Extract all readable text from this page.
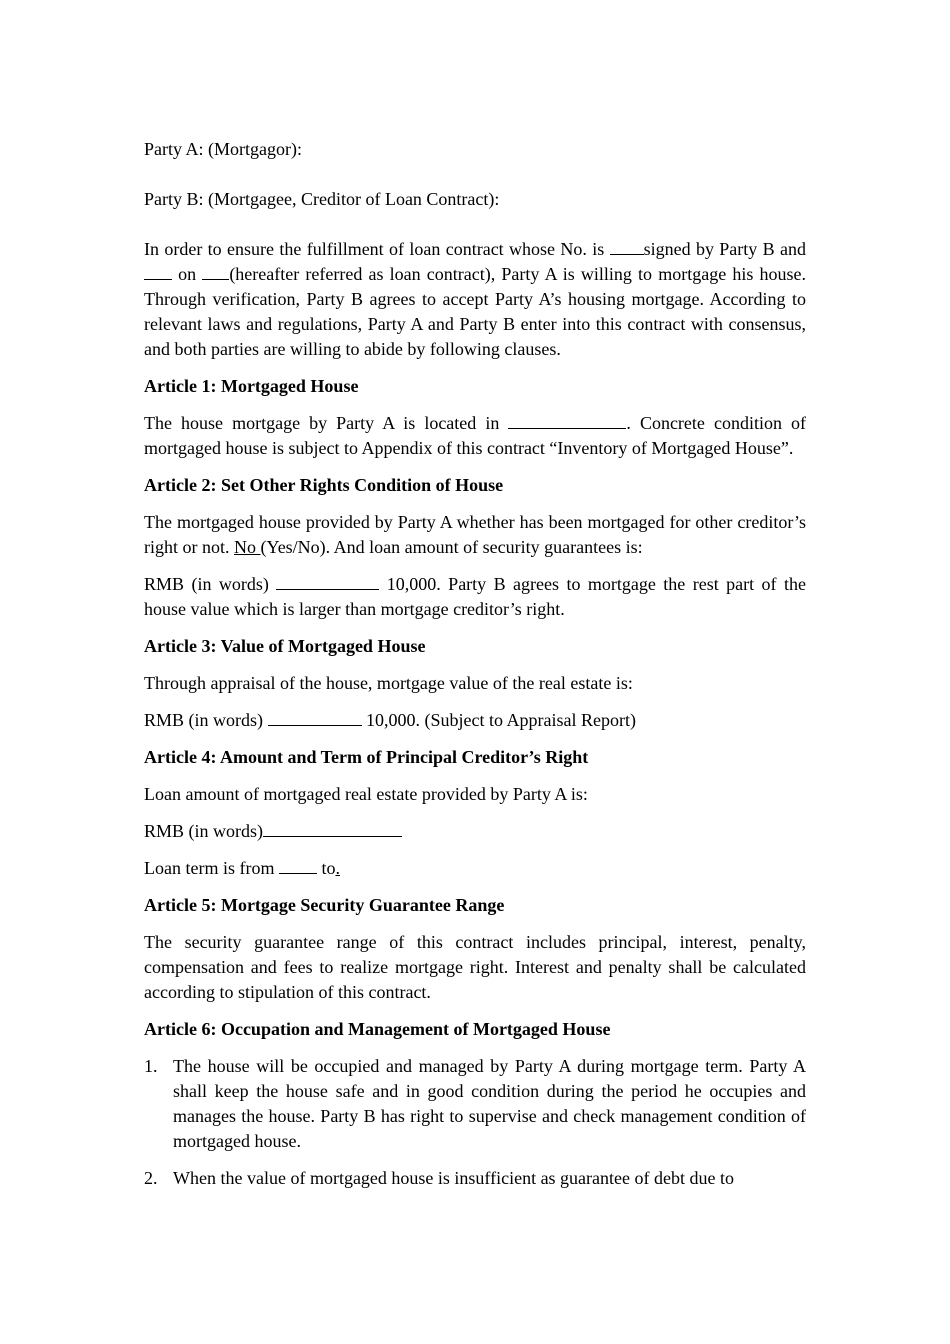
Party A: (Mortgagor):

Party B: (Mortgagee, Creditor of Loan Contract):

In order to ensure the fulfillment of loan contract whose No. is signed by Party B and  on (hereafter referred as loan contract), Party A is willing to mortgage his house. Through verification, Party B agrees to accept Party A’s housing mortgage. According to relevant laws and regulations, Party A and Party B enter into this contract with consensus, and both parties are willing to abide by following clauses.

Article 1: Mortgaged House

The house mortgage by Party A is located in	. Concrete condition of mortgaged house is subject to Appendix of this contract “Inventory of Mortgaged House”.

Article 2: Set Other Rights Condition of House

The mortgaged house provided by Party A whether has been mortgaged for other creditor’s right or not. No (Yes/No). And loan amount of security guarantees is:

RMB (in words)	10,000. Party B agrees to mortgage the rest part of the house value which is larger than mortgage creditor’s right.

Article 3: Value of Mortgaged House

Through appraisal of the house, mortgage value of the real estate is:

RMB (in words)	10,000. (Subject to Appraisal Report)

Article 4: Amount and Term of Principal Creditor’s Right

Loan amount of mortgaged real estate provided by Party A is:

RMB (in words)

Loan term is from  to.

Article 5: Mortgage Security Guarantee Range

The security guarantee range of this contract includes principal, interest, penalty, compensation and fees to realize mortgage right. Interest and penalty shall be calculated according to stipulation of this contract.

Article 6: Occupation and Management of Mortgaged House

1. The house will be occupied and managed by Party A during mortgage term. Party A shall keep the house safe and in good condition during the period he occupies and manages the house. Party B has right to supervise and check management condition of mortgaged house.
2. When the value of mortgaged house is insufficient as guarantee of debt due to
